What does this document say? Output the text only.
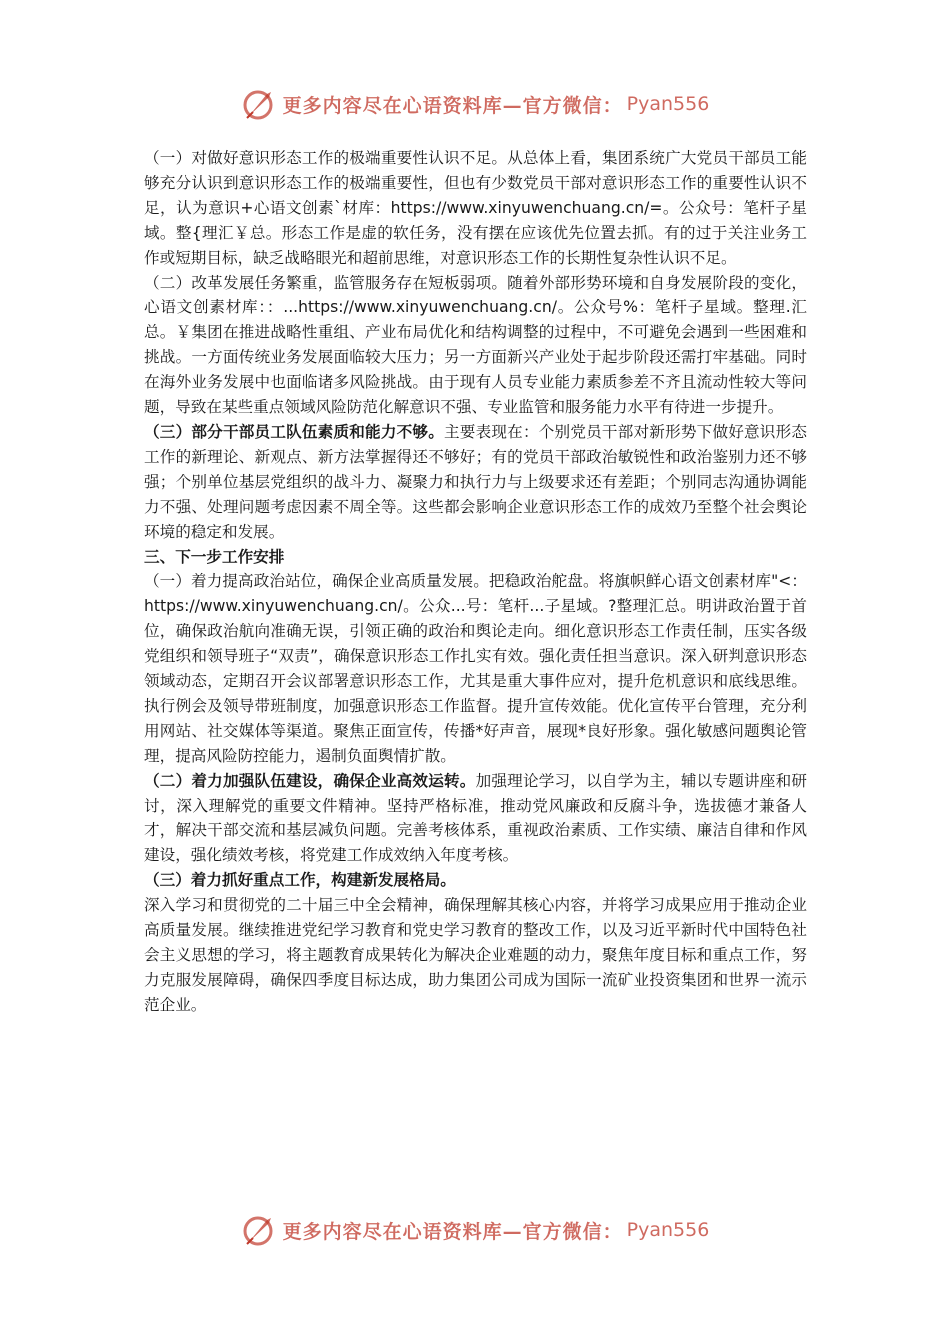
更多内容尽在心语资料库—官方微信： Pyan556

（一）对做好意识形态工作的极端重要性认识不足。从总体上看，集团系统广大党员干部员工能够充分认识到意识形态工作的极端重要性，但也有少数党员干部对意识形态工作的重要性认识不足，认为意识+心语文创素`材库：https://www.xinyuwenchuang.cn/=。公众号：笔杆子星域。整{理汇￥总。形态工作是虚的软任务，没有摆在应该优先位置去抓。有的过于关注业务工作或短期目标，缺乏战略眼光和超前思维，对意识形态工作的长期性复杂性认识不足。

（二）改革发展任务繁重，监管服务存在短板弱项。随着外部形势环境和自身发展阶段的变化，心语文创素材库：：...https://www.xinyuwenchuang.cn/。公众号%：笔杆子星域。整理.汇总。￥集团在推进战略性重组、产业布局优化和结构调整的过程中，不可避免会遇到一些困难和挑战。一方面传统业务发展面临较大压力；另一方面新兴产业处于起步阶段还需打牢基础。同时在海外业务发展中也面临诸多风险挑战。由于现有人员专业能力素质参差不齐且流动性较大等问题，导致在某些重点领域风险防范化解意识不强、专业监管和服务能力水平有待进一步提升。

（三）部分干部员工队伍素质和能力不够。主要表现在：个别党员干部对新形势下做好意识形态工作的新理论、新观点、新方法掌握得还不够好；有的党员干部政治敏锐性和政治鉴别力还不够强；个别单位基层党组织的战斗力、凝聚力和执行力与上级要求还有差距；个别同志沟通协调能力不强、处理问题考虑因素不周全等。这些都会影响企业意识形态工作的成效乃至整个社会舆论环境的稳定和发展。

三、下一步工作安排

（一）着力提高政治站位，确保企业高质量发展。把稳政治舵盘。将旗帜鲜心语文创素材库"<：https://www.xinyuwenchuang.cn/。公众...号：笔杆...子星域。?整理汇总。明讲政治置于首位，确保政治航向准确无误，引领正确的政治和舆论走向。细化意识形态工作责任制，压实各级党组织和领导班子“双责”，确保意识形态工作扎实有效。强化责任担当意识。深入研判意识形态领域动态，定期召开会议部署意识形态工作，尤其是重大事件应对，提升危机意识和底线思维。执行例会及领导带班制度，加强意识形态工作监督。提升宣传效能。优化宣传平台管理，充分利用网站、社交媒体等渠道。聚焦正面宣传，传播*好声音，展现*良好形象。强化敏感问题舆论管理，提高风险防控能力，遏制负面舆情扩散。

（二）着力加强队伍建设，确保企业高效运转。加强理论学习，以自学为主，辅以专题讲座和研讨，深入理解党的重要文件精神。坚持严格标准，推动党风廉政和反腐斗争，选拔德才兼备人才，解决干部交流和基层减负问题。完善考核体系，重视政治素质、工作实绩、廉洁自律和作风建设，强化绩效考核，将党建工作成效纳入年度考核。

（三）着力抓好重点工作，构建新发展格局。

深入学习和贯彻党的二十届三中全会精神，确保理解其核心内容，并将学习成果应用于推动企业高质量发展。继续推进党纪学习教育和党史学习教育的整改工作，以及习近平新时代中国特色社会主义思想的学习，将主题教育成果转化为解决企业难题的动力，聚焦年度目标和重点工作，努力克服发展障碍，确保四季度目标达成，助力集团公司成为国际一流矿业投资集团和世界一流示范企业。

更多内容尽在心语资料库—官方微信： Pyan556
